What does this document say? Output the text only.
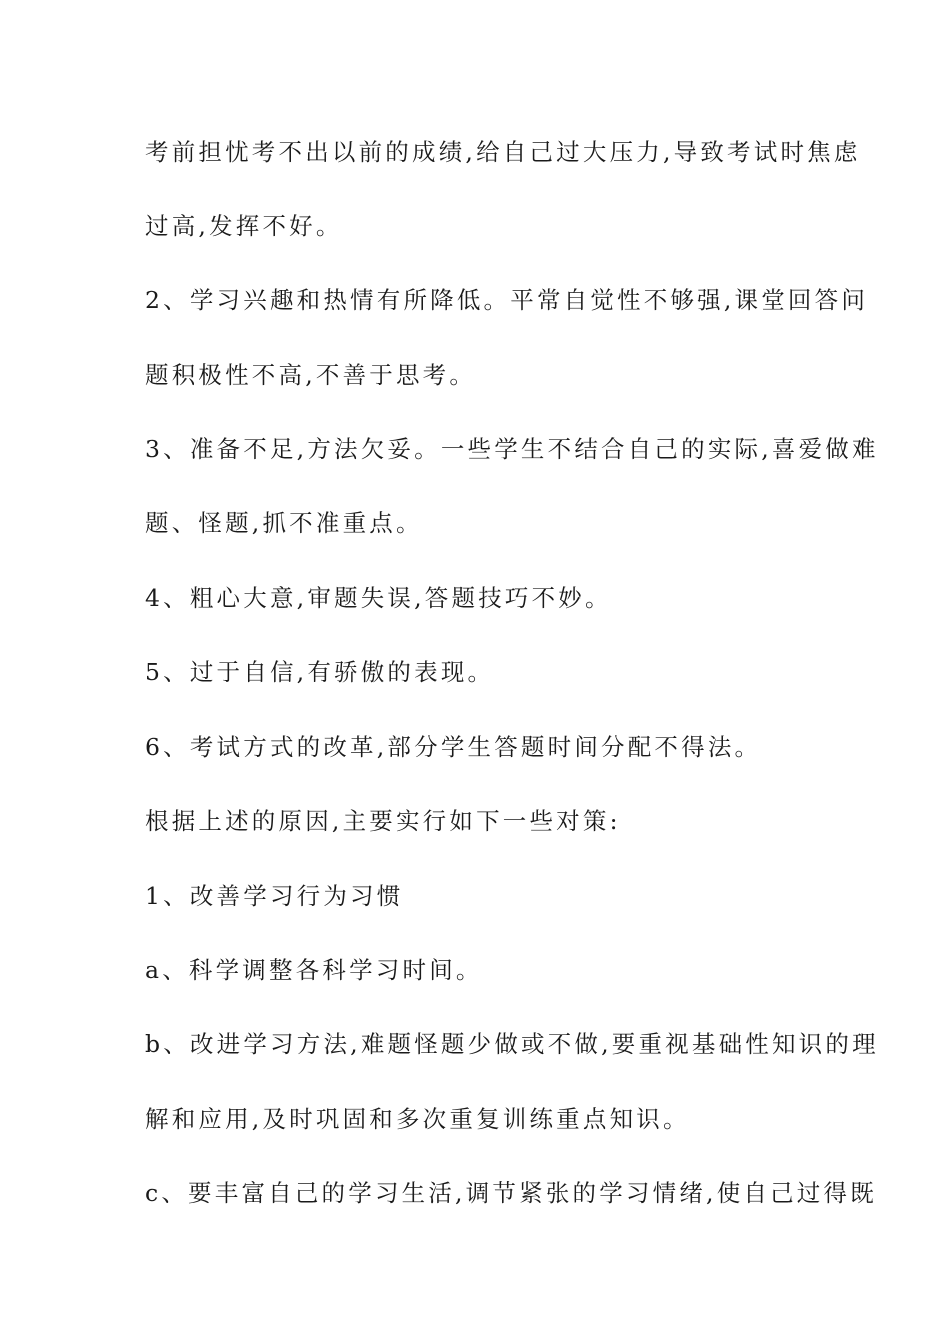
考前担忧考不出以前的成绩,给自己过大压力,导致考试时焦虑
过高,发挥不好。
2、学习兴趣和热情有所降低。平常自觉性不够强,课堂回答问
题积极性不高,不善于思考。
3、准备不足,方法欠妥。一些学生不结合自己的实际,喜爱做难
题、怪题,抓不准重点。
4、粗心大意,审题失误,答题技巧不妙。
5、过于自信,有骄傲的表现。
6、考试方式的改革,部分学生答题时间分配不得法。
根据上述的原因,主要实行如下一些对策:
1、改善学习行为习惯
a、科学调整各科学习时间。
b、改进学习方法,难题怪题少做或不做,要重视基础性知识的理
解和应用,及时巩固和多次重复训练重点知识。
c、要丰富自己的学习生活,调节紧张的学习情绪,使自己过得既
